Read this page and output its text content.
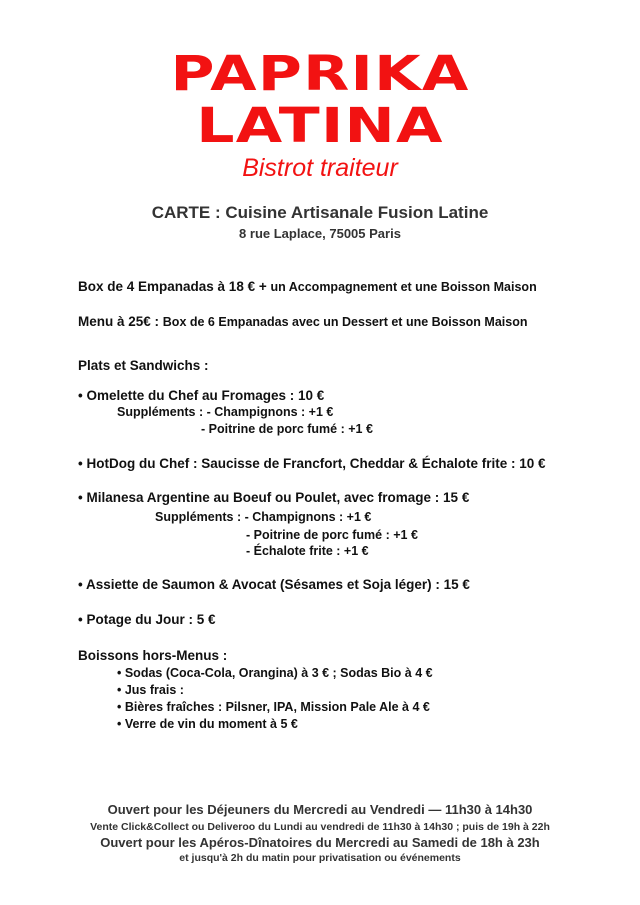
PAPRIKA
LATINA
Bistrot traiteur
CARTE : Cuisine Artisanale Fusion Latine
8 rue Laplace, 75005 Paris
Box de 4 Empanadas à 18 € + un Accompagnement et une Boisson Maison
Menu à 25€ : Box de 6 Empanadas avec un Dessert et une Boisson Maison
Plats et Sandwichs :
• Omelette du Chef au Fromages : 10 €
Suppléments : - Champignons : +1 €
- Poitrine de porc fumé : +1 €
• HotDog du Chef : Saucisse de Francfort, Cheddar & Échalote frite : 10 €
• Milanesa Argentine au Boeuf ou Poulet, avec fromage : 15 €
Suppléments : - Champignons : +1 €
- Poitrine de porc fumé : +1 €
- Échalote frite : +1 €
• Assiette de Saumon & Avocat (Sésames et Soja léger) : 15 €
• Potage du Jour : 5 €
Boissons hors-Menus :
• Sodas (Coca-Cola, Orangina) à 3 € ; Sodas Bio à 4 €
• Jus frais :
• Bières fraîches : Pilsner, IPA, Mission Pale Ale à 4 €
• Verre de vin du moment à 5 €
Ouvert pour les Déjeuners du Mercredi au Vendredi — 11h30 à 14h30
Vente Click&Collect ou Deliveroo du Lundi au vendredi de 11h30 à 14h30 ; puis de 19h à 22h
Ouvert pour les Apéros-Dînatoires du Mercredi au Samedi de 18h à 23h
et jusqu'à 2h du matin pour privatisation ou événements
